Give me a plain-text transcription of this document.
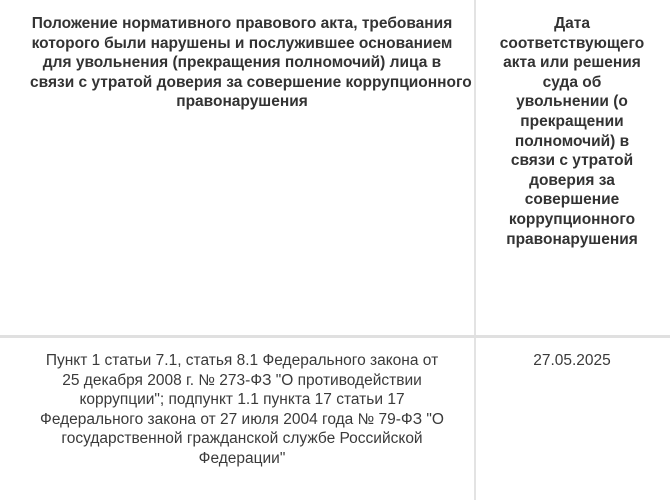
Положение нормативного правового акта, требования
которого были нарушены и послужившее основанием
для увольнения (прекращения полномочий) лица в
связи с утратой доверия за совершение коррупционного
правонарушения
Дата
соответствующего
акта или решения
суда об
увольнении (о
прекращении
полномочий) в
связи с утратой
доверия за
совершение
коррупционного
правонарушения
Пункт 1 статьи 7.1, статья 8.1 Федерального закона от
25 декабря 2008 г. № 273-ФЗ "О противодействии
коррупции"; подпункт 1.1 пункта 17 статьи 17
Федерального закона от 27 июля 2004 года № 79-ФЗ "О
государственной гражданской службе Российской
Федерации"
27.05.2025
